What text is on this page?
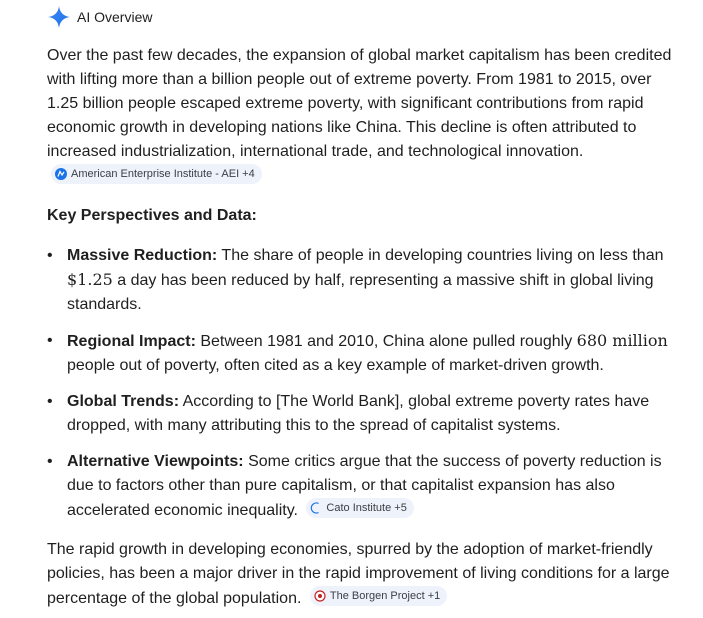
AI Overview

Over the past few decades, the expansion of global market capitalism has been credited with lifting more than a billion people out of extreme poverty. From 1981 to 2015, over 1.25 billion people escaped extreme poverty, with significant contributions from rapid economic growth in developing nations like China. This decline is often attributed to increased industrialization, international trade, and technological innovation.
American Enterprise Institute - AEI +4

Key Perspectives and Data:

• Massive Reduction: The share of people in developing countries living on less than $1.25 a day has been reduced by half, representing a massive shift in global living standards.
• Regional Impact: Between 1981 and 2010, China alone pulled roughly 680 million people out of poverty, often cited as a key example of market-driven growth.
• Global Trends: According to [The World Bank], global extreme poverty rates have dropped, with many attributing this to the spread of capitalist systems.
• Alternative Viewpoints: Some critics argue that the success of poverty reduction is due to factors other than pure capitalism, or that capitalist expansion has also accelerated economic inequality.	Cato Institute +5

The rapid growth in developing economies, spurred by the adoption of market-friendly policies, has been a major driver in the rapid improvement of living conditions for a large percentage of the global population.	The Borgen Project +1
